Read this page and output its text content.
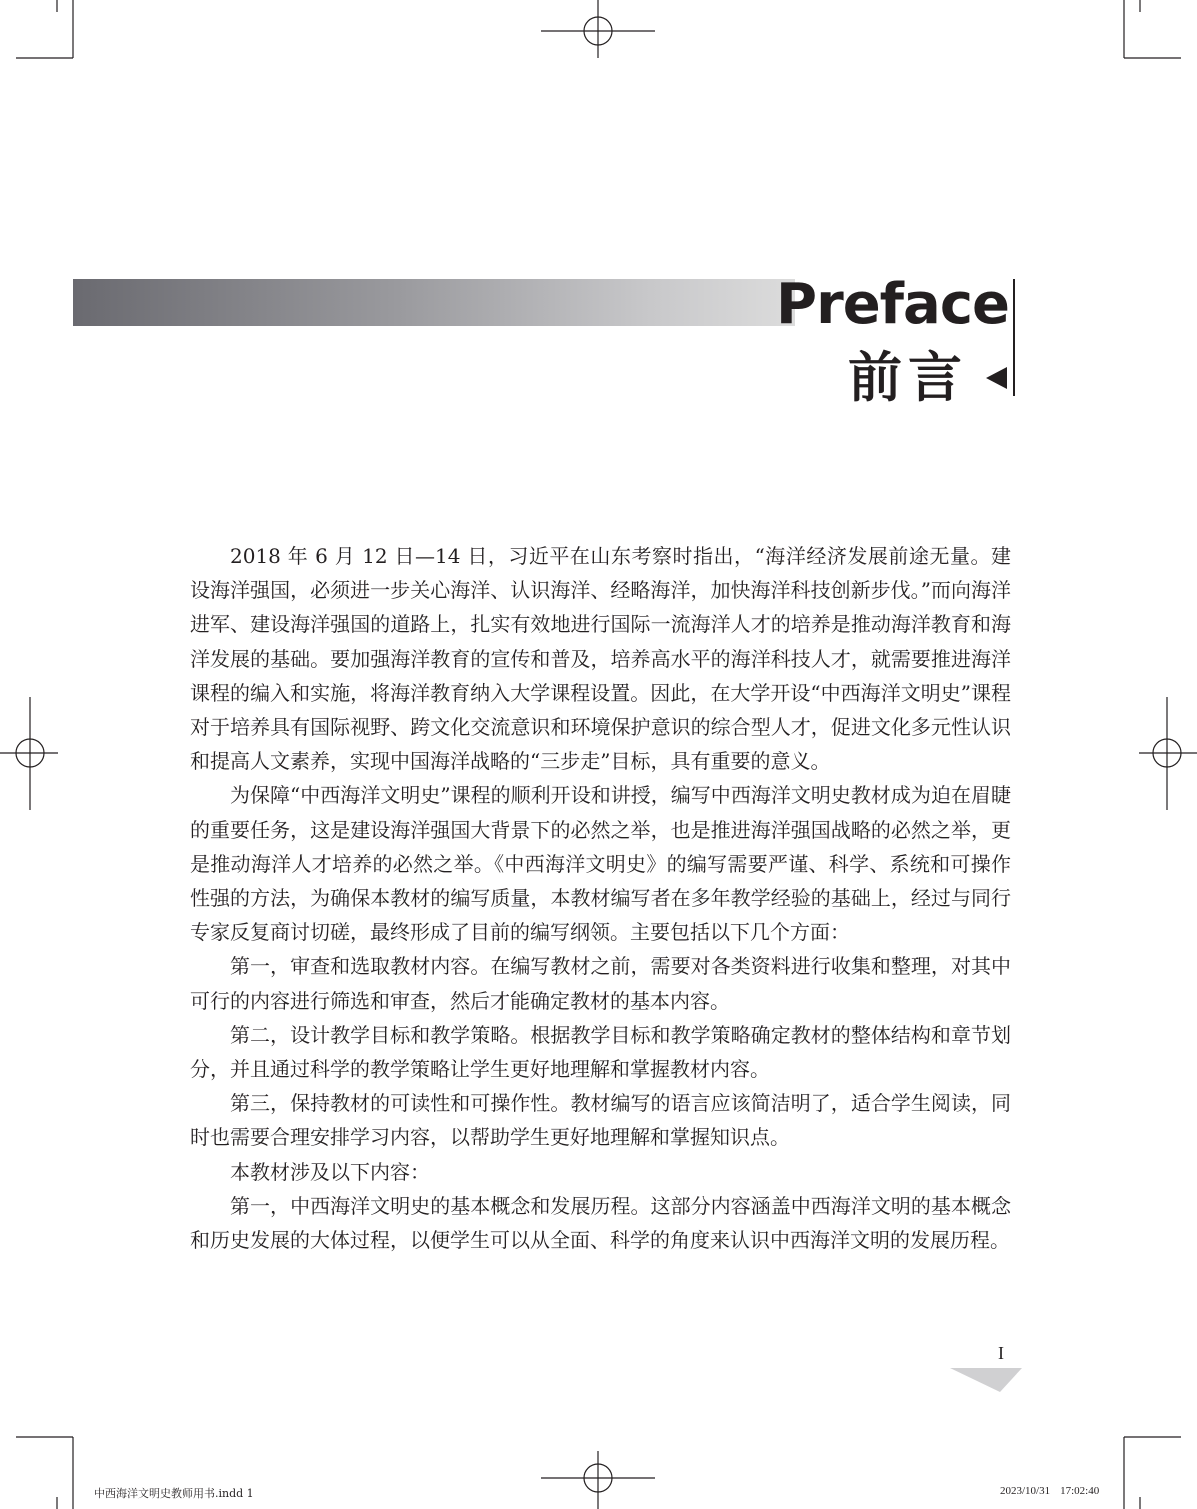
Preface
前言

2018 年 6 月 12 日—14 日，习近平在山东考察时指出，“海洋经济发展前途无量。建设海洋强国，必须进一步关心海洋、认识海洋、经略海洋，加快海洋科技创新步伐。”而向海洋进军、建设海洋强国的道路上，扎实有效地进行国际一流海洋人才的培养是推动海洋教育和海洋发展的基础。要加强海洋教育的宣传和普及，培养高水平的海洋科技人才，就需要推进海洋课程的编入和实施，将海洋教育纳入大学课程设置。因此，在大学开设“中西海洋文明史”课程对于培养具有国际视野、跨文化交流意识和环境保护意识的综合型人才，促进文化多元性认识和提高人文素养，实现中国海洋战略的“三步走”目标，具有重要的意义。

为保障“中西海洋文明史”课程的顺利开设和讲授，编写中西海洋文明史教材成为迫在眉睫的重要任务，这是建设海洋强国大背景下的必然之举，也是推进海洋强国战略的必然之举，更是推动海洋人才培养的必然之举。《中西海洋文明史》的编写需要严谨、科学、系统和可操作性强的方法，为确保本教材的编写质量，本教材编写者在多年教学经验的基础上，经过与同行专家反复商讨切磋，最终形成了目前的编写纲领。主要包括以下几个方面：

第一，审查和选取教材内容。在编写教材之前，需要对各类资料进行收集和整理，对其中可行的内容进行筛选和审查，然后才能确定教材的基本内容。

第二，设计教学目标和教学策略。根据教学目标和教学策略确定教材的整体结构和章节划分，并且通过科学的教学策略让学生更好地理解和掌握教材内容。

第三，保持教材的可读性和可操作性。教材编写的语言应该简洁明了，适合学生阅读，同时也需要合理安排学习内容，以帮助学生更好地理解和掌握知识点。

本教材涉及以下内容：

第一，中西海洋文明史的基本概念和发展历程。这部分内容涵盖中西海洋文明的基本概念和历史发展的大体过程，以便学生可以从全面、科学的角度来认识中西海洋文明的发展历程。

I
中西海洋文明史教师用书.indd 1	2023/10/31 17:02:40
